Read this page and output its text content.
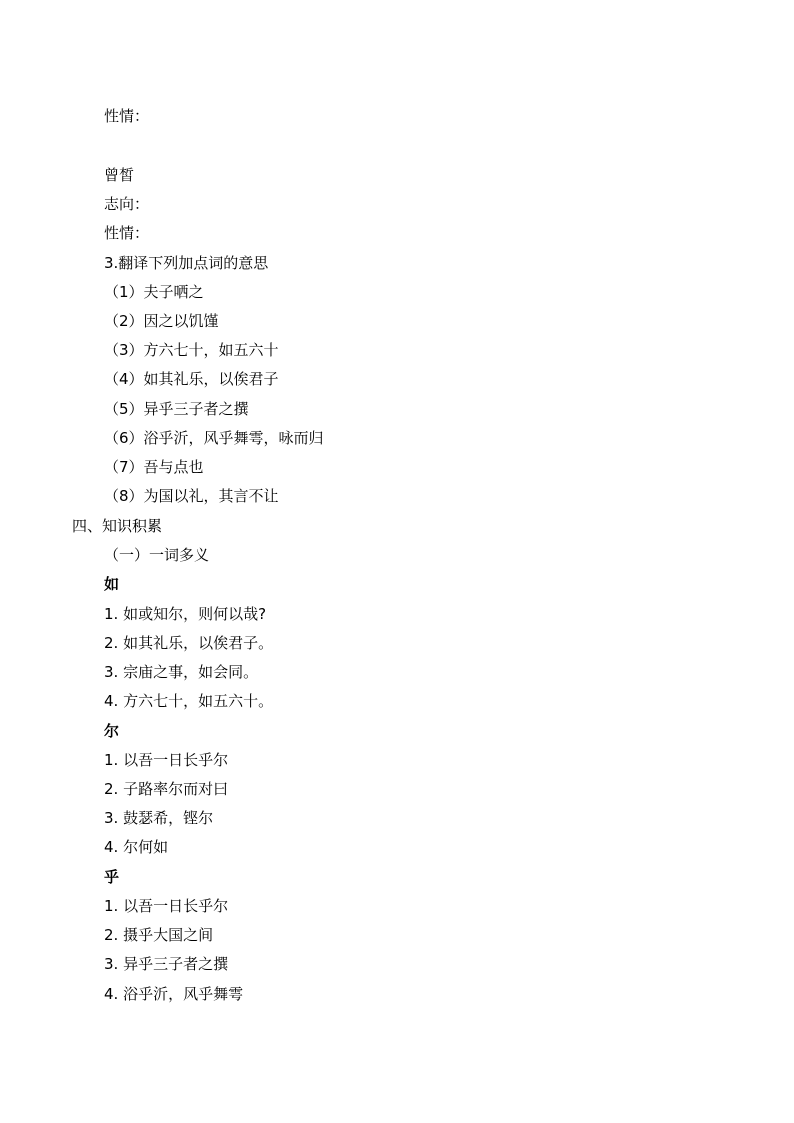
性情：
曾皙
志向：
性情：
3.翻译下列加点词的意思
（1）夫子哂之
（2）因之以饥馑
（3）方六七十，如五六十
（4）如其礼乐，以俟君子
（5）异乎三子者之撰
（6）浴乎沂，风乎舞雩，咏而归
（7）吾与点也
（8）为国以礼，其言不让
四、知识积累
（一）一词多义
如
1. 如或知尔，则何以哉?
2. 如其礼乐，以俟君子。
3. 宗庙之事，如会同。
4. 方六七十，如五六十。
尔
1. 以吾一日长乎尔
2. 子路率尔而对曰
3. 鼓瑟希，铿尔
4. 尔何如
乎
1. 以吾一日长乎尔
2. 摄乎大国之间
3. 异乎三子者之撰
4. 浴乎沂，风乎舞雩
